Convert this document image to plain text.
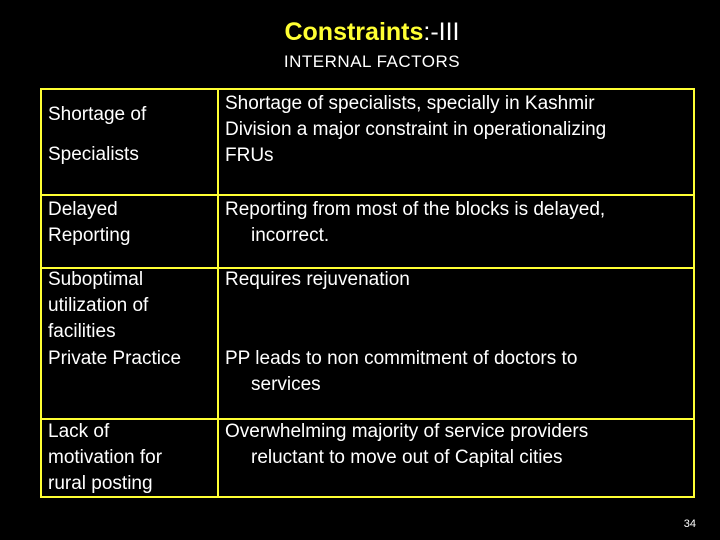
Constraints:-III
INTERNAL FACTORS
Shortage of
Specialists
Shortage of specialists, specially in Kashmir
Division a major constraint in operationalizing
FRUs
Delayed
Reporting
Reporting from most of the blocks is delayed,
incorrect.
Suboptimal
utilization of
facilities
Requires rejuvenation
Private Practice PP leads to non commitment of doctors to
services
Lack of
motivation for
rural posting
Overwhelming majority of service providers
reluctant to move out of Capital cities
34
